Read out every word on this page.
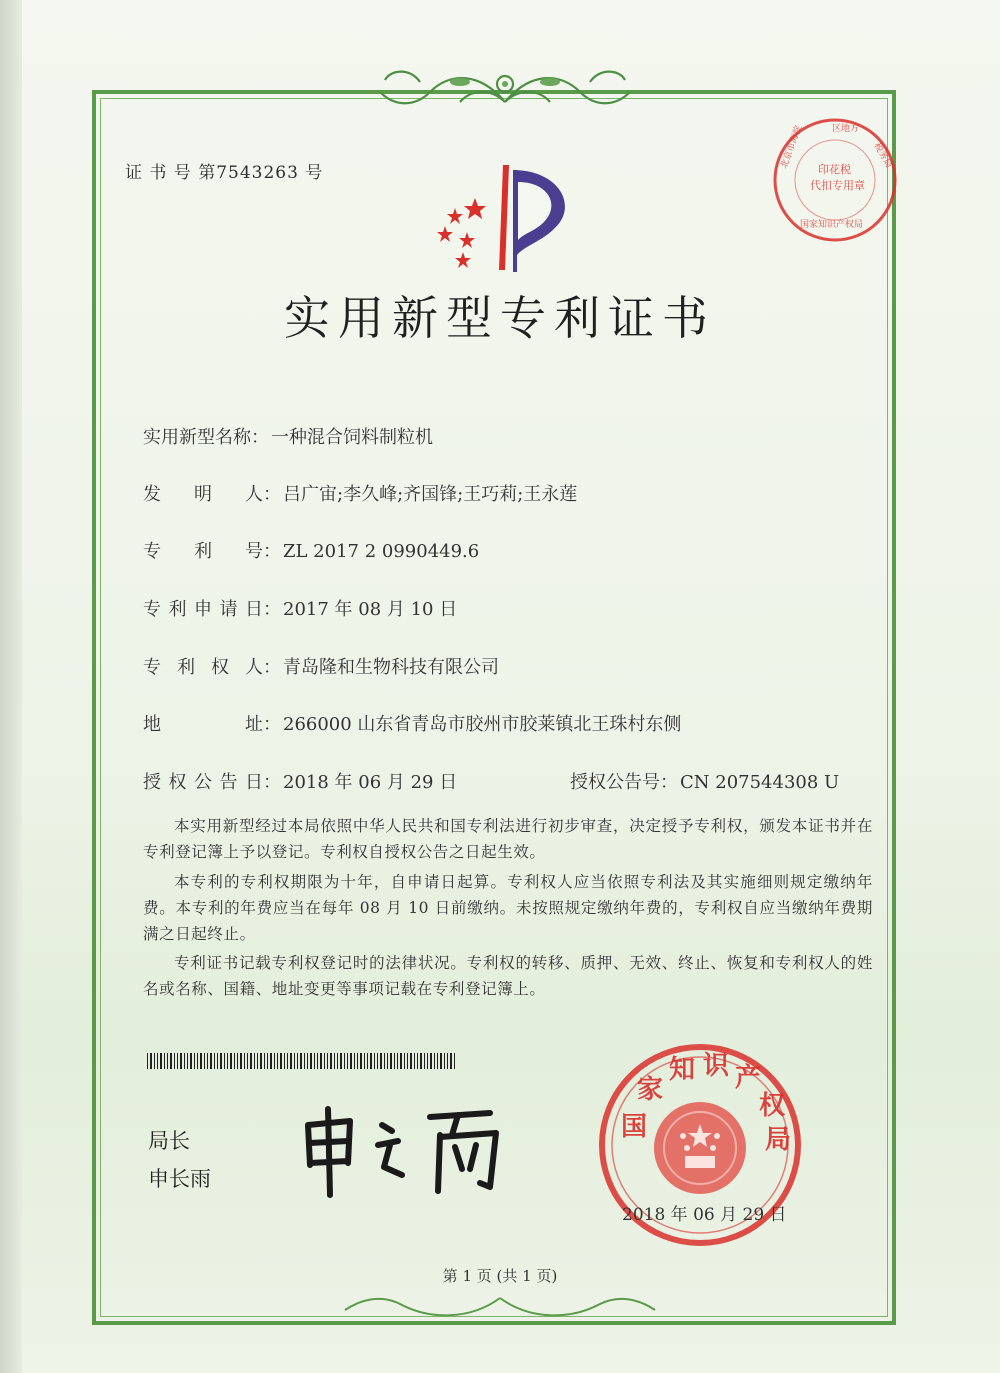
证 书 号 第7543263 号
实用新型专利证书
实用新型名称： 一种混合饲料制粒机
发 明 人： 吕广宙;李久峰;齐国锋;王巧莉;王永莲
专 利 号： ZL 2017 2 0990449.6
专利申请日： 2017 年 08 月 10 日
专 利 权 人： 青岛隆和生物科技有限公司
地 址： 266000 山东省青岛市胶州市胶莱镇北王珠村东侧
授权公告日： 2018 年 06 月 29 日	授权公告号： CN 207544308 U
本实用新型经过本局依照中华人民共和国专利法进行初步审查，决定授予专利权，颁发本证书并在专利登记簿上予以登记。专利权自授权公告之日起生效。
本专利的专利权期限为十年，自申请日起算。专利权人应当依照专利法及其实施细则规定缴纳年费。本专利的年费应当在每年 08 月 10 日前缴纳。未按照规定缴纳年费的，专利权自应当缴纳年费期满之日起终止。
专利证书记载专利权登记时的法律状况。专利权的转移、质押、无效、终止、恢复和专利权人的姓名或名称、国籍、地址变更等事项记载在专利登记簿上。
局长
申长雨
国
家
知 识 产
权
局
2018 年 06 月 29 日
印花税
代扣专用章
北京市海淀	区地方
税务局
国家知识产权局
第 1 页 (共 1 页)
